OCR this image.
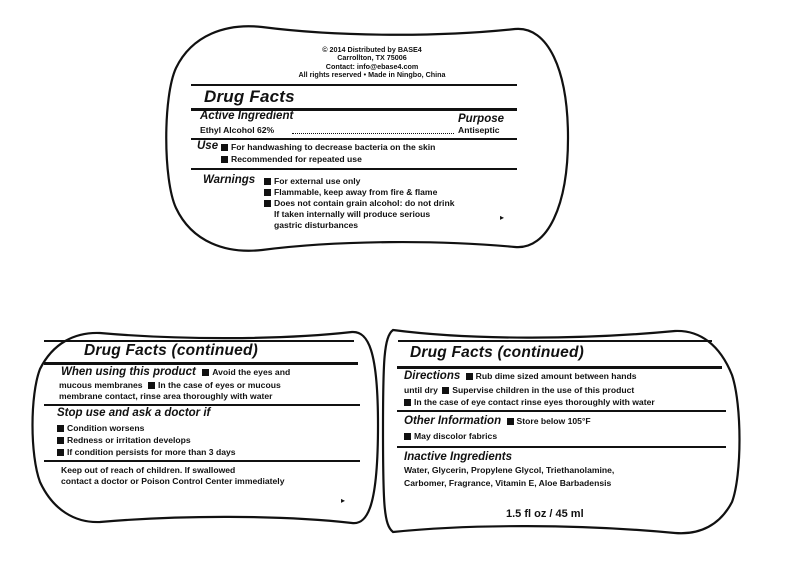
© 2014 Distributed by BASE4
Carrollton, TX 75006
Contact: info@ebase4.com
All rights reserved • Made in Ningbo, China
Drug Facts
Active Ingredient	Purpose
Ethyl Alcohol 62%	Antiseptic
Use	For handwashing to decrease bacteria on the skin
Recommended for repeated use
Warnings	For external use only
Flammable, keep away from fire & flame
Does not contain grain alcohol: do not drink
If taken internally will produce serious
gastric disturbances
▸
Drug Facts (continued)
When using this product Avoid the eyes and
mucous membranes In the case of eyes or mucous
membrane contact, rinse area thoroughly with water
Stop use and ask a doctor if
Condition worsens
Redness or irritation develops
If condition persists for more than 3 days
Keep out of reach of children. If swallowed
contact a doctor or Poison Control Center immediately
▸
Drug Facts (continued)
Directions Rub dime sized amount between hands
until dry Supervise children in the use of this product
In the case of eye contact rinse eyes thoroughly with water
Other Information Store below 105°F
May discolor fabrics
Inactive Ingredients
Water, Glycerin, Propylene Glycol, Triethanolamine,
Carbomer, Fragrance, Vitamin E, Aloe Barbadensis
1.5 fl oz / 45 ml
